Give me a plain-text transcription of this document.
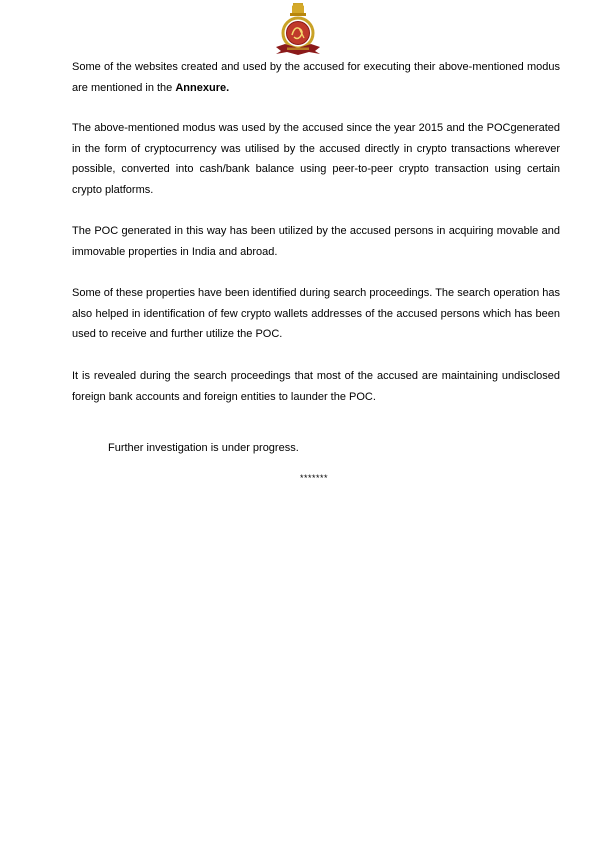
Some of the websites created and used by the accused for executing their above-mentioned modus are mentioned in the Annexure.

The above-mentioned modus was used by the accused since the year 2015 and the POCgenerated in the form of cryptocurrency was utilised by the accused directly in crypto transactions wherever possible, converted into cash/bank balance using peer-to-peer crypto transaction using certain crypto platforms.

The POC generated in this way has been utilized by the accused persons in acquiring movable and immovable properties in India and abroad.

Some of these properties have been identified during search proceedings. The search operation has also helped in identification of few crypto wallets addresses of the accused persons which has been used to receive and further utilize the POC.

It is revealed during the search proceedings that most of the accused are maintaining undisclosed foreign bank accounts and foreign entities to launder the POC.

Further investigation is under progress.

*******
